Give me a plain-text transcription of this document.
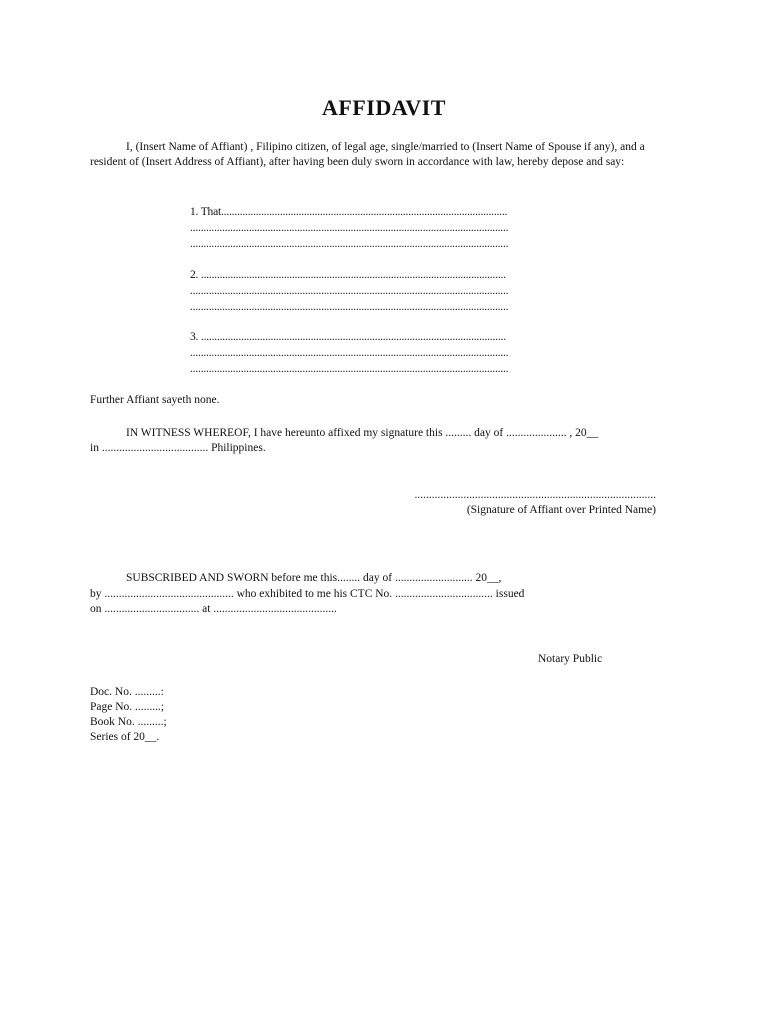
AFFIDAVIT

I, (Insert Name of Affiant) , Filipino citizen, of legal age, single/married to (Insert Name of Spouse if any), and a resident of (Insert Address of Affiant), after having been duly sworn in accordance with law, hereby depose and say:

1. That...........................................................................................................

.......................................................................................................................

.......................................................................................................................

2. ..................................................................................................................

.......................................................................................................................

.......................................................................................................................

3. ..................................................................................................................

.......................................................................................................................

.......................................................................................................................

Further Affiant sayeth none.

IN WITNESS WHEREOF, I have hereunto affixed my signature this ......... day of ..................... , 20__

in ..................................... Philippines.

....................................................................................

(Signature of Affiant over Printed Name)

SUBSCRIBED AND SWORN before me this........ day of ........................... 20__,

by ............................................. who exhibited to me his CTC No. .................................. issued

on ................................. at ...........................................

Notary Public

Doc. No. .........:

Page No. .........;

Book No. .........;

Series of 20__.
